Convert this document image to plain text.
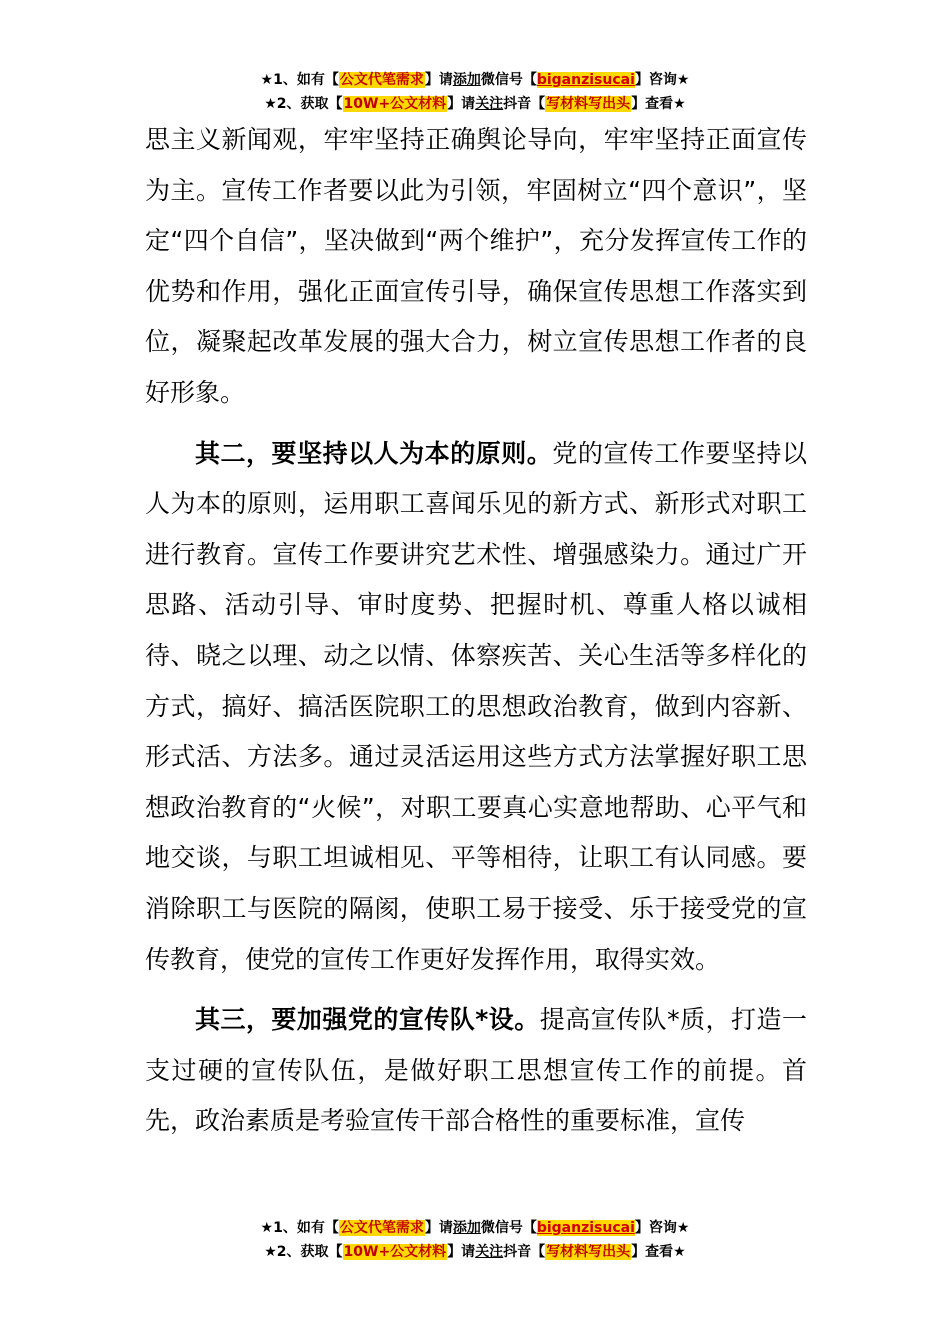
★1、如有【公文代笔需求】请添加微信号【biganzisucai】咨询★
★2、获取【10W+公文材料】请关注抖音【写材料写出头】查看★

思主义新闻观，牢牢坚持正确舆论导向，牢牢坚持正面宣传为主。宣传工作者要以此为引领，牢固树立“四个意识”，坚定“四个自信”，坚决做到“两个维护”，充分发挥宣传工作的优势和作用，强化正面宣传引导，确保宣传思想工作落实到位，凝聚起改革发展的强大合力，树立宣传思想工作者的良好形象。

其二，要坚持以人为本的原则。党的宣传工作要坚持以人为本的原则，运用职工喜闻乐见的新方式、新形式对职工进行教育。宣传工作要讲究艺术性、增强感染力。通过广开思路、活动引导、审时度势、把握时机、尊重人格以诚相待、晓之以理、动之以情、体察疾苦、关心生活等多样化的方式，搞好、搞活医院职工的思想政治教育，做到内容新、形式活、方法多。通过灵活运用这些方式方法掌握好职工思想政治教育的“火候”，对职工要真心实意地帮助、心平气和地交谈，与职工坦诚相见、平等相待，让职工有认同感。要消除职工与医院的隔阂，使职工易于接受、乐于接受党的宣传教育，使党的宣传工作更好发挥作用，取得实效。

其三，要加强党的宣传队*设。提高宣传队*质，打造一支过硬的宣传队伍，是做好职工思想宣传工作的前提。首先，政治素质是考验宣传干部合格性的重要标准，宣传

★1、如有【公文代笔需求】请添加微信号【biganzisucai】咨询★
★2、获取【10W+公文材料】请关注抖音【写材料写出头】查看★
